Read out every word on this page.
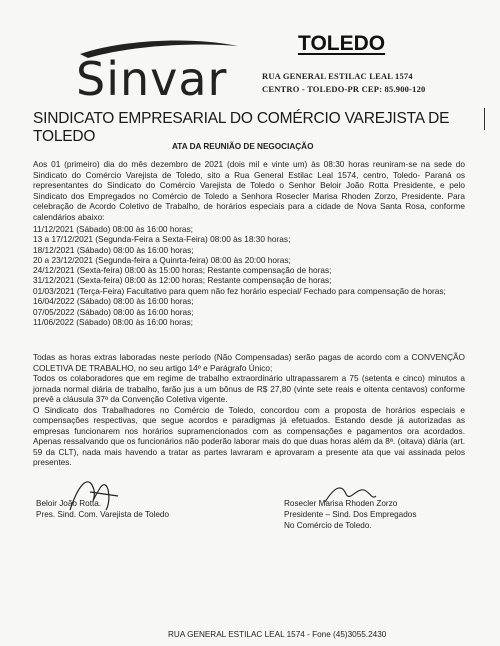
Sinvar
TOLEDO
RUA GENERAL ESTILAC LEAL 1574
CENTRO - TOLEDO-PR CEP: 85.900-120
SINDICATO EMPRESARIAL DO COMÉRCIO VAREJISTA DE TOLEDO
ATA DA REUNIÃO DE NEGOCIAÇÃO
Aos 01 (primeiro) dia do mês dezembro de 2021 (dois mil e vinte um) às 08:30 horas reuniram-se na sede do Sindicato do Comércio Varejista de Toledo, sito a Rua General Estilac Leal 1574, centro, Toledo- Paraná os representantes do Sindicato do Comércio Varejista de Toledo o Senhor Beloir João Rotta Presidente, e pelo Sindicato dos Empregados no Comércio de Toledo a Senhora Rosecler Marisa Rhoden Zorzo, Presidente. Para celebração de Acordo Coletivo de Trabalho, de horários especiais para a cidade de Nova Santa Rosa, conforme calendários abaixo:
11/12/2021 (Sábado) 08:00 às 16:00 horas;
13 a 17/12/2021 (Segunda-Feira a Sexta-Feira) 08:00 às 18:30 horas;
18/12/2021 (Sábado) 08:00 às 16:00 horas;
20 a 23/12/2021 (Segunda-feira a Quinrta-feira) 08:00 às 20:00 horas;
24/12/2021 (Sexta-feira) 08:00 às 15:00 horas; Restante compensação de horas;
31/12/2021 (Sexta-feira) 08:00 às 12:00 horas; Restante compensação de horas;
01/03/2021 (Terça-Feira) Facultativo para quem não fez horário especial/ Fechado para compensação de horas;
16/04/2022 (Sábado) 08:00 às 16:00 horas;
07/05/2022 (Sábado) 08:00 às 16:00 horas;
11/06/2022 (Sábado) 08:00 às 16:00 horas;

Todas as horas extras laboradas neste período (Não Compensadas) serão pagas de acordo com a CONVENÇÃO COLETIVA DE TRABALHO, no seu artigo 14º e Parágrafo Único;

Todos os colaboradores que em regime de trabalho extraordinário ultrapassarem a 75 (setenta e cinco) minutos a jornada normal diária de trabalho, farão jus a um bônus de R$ 27,80 (vinte sete reais e oitenta centavos) conforme prevê a cláusula 37ª da Convenção Coletiva vigente.

O Sindicato dos Trabalhadores no Comércio de Toledo, concordou com a proposta de horários especiais e compensações respectivas, que segue acordos e paradigmas já efetuados. Estando desde já autorizadas as empresas funcionarem nos horários supramencionados com as compensações e pagamentos ora acordados. Apenas ressalvando que os funcionários não poderão laborar mais do que duas horas além da 8ª. (oitava) diária (art. 59 da CLT), nada mais havendo a tratar as partes lavraram e aprovaram a presente ata que vai assinada pelos presentes.

Beloir João Rotta.
Pres. Sind. Com. Varejista de Toledo
Rosecler Marisa Rhoden Zorzo
Presidente – Sind. Dos Empregados
No Comércio de Toledo.
RUA GENERAL ESTILAC LEAL 1574 - Fone (45)3055.2430
